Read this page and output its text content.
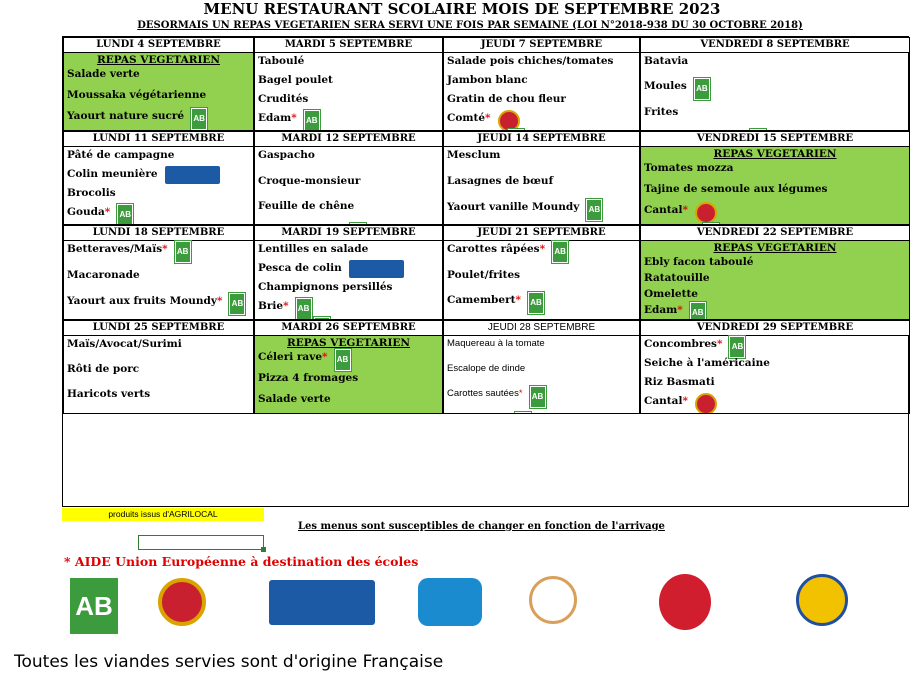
MENU RESTAURANT SCOLAIRE MOIS DE SEPTEMBRE 2023
DESORMAIS UN REPAS VEGETARIEN SERA SERVI UNE FOIS PAR SEMAINE (LOI N°2018-938 DU 30 OCTOBRE 2018)
LUNDI 4 SEPTEMBRE
REPAS VEGETARIEN
Salade verte
Moussaka végétarienne
Yaourt nature sucré AB
MARDI 5 SEPTEMBRE
Taboulé
Bagel poulet
Crudités
Edam* AB
JEUDI 7 SEPTEMBRE
Salade pois chiches/tomates
Jambon blanc
Gratin de chou fleur
Comté*
VENDREDI 8 SEPTEMBRE
Batavia
Moules AB
Frites
LUNDI 11 SEPTEMBRE
Pâté de campagne
Colin meunière
Brocolis
Gouda* AB
MARDI 12 SEPTEMBRE
Gaspacho
Croque-monsieur
Feuille de chêne
JEUDI 14 SEPTEMBRE
Mesclum
Lasagnes de bœuf
Yaourt vanille Moundy AB
VENDREDI 15 SEPTEMBRE
REPAS VEGETARIEN
Tomates mozza
Tajine de semoule aux légumes
Cantal*
LUNDI 18 SEPTEMBRE
Betteraves/Maïs* AB
Macaronade
Yaourt aux fruits Moundy* AB
MARDI 19 SEPTEMBRE
Lentilles en salade
Pesca de colin
Champignons persillés
Brie* AB
JEUDI 21 SEPTEMBRE
Carottes râpées* AB
Poulet/frites
Camembert* AB
VENDREDI 22 SEPTEMBRE
REPAS VEGETARIEN
Ebly facon taboulé
Ratatouille
Omelette
Edam* AB
LUNDI 25 SEPTEMBRE
Maïs/Avocat/Surimi
Rôti de porc
Haricots verts
MARDI 26 SEPTEMBRE
REPAS VEGETARIEN
Céleri rave* AB
Pizza 4 fromages
Salade verte
JEUDI 28 SEPTEMBRE
Maquereau à la tomate
Escalope de dinde
Carottes sautées* AB
VENDREDI 29 SEPTEMBRE
Concombres* AB
Seiche à l'américaine
Riz Basmati
Cantal*
produits issus d'AGRILOCAL
Les menus sont susceptibles de changer en fonction de l'arrivage
* AIDE Union Européenne à destination des écoles
AB
Toutes les viandes servies sont d'origine Française
